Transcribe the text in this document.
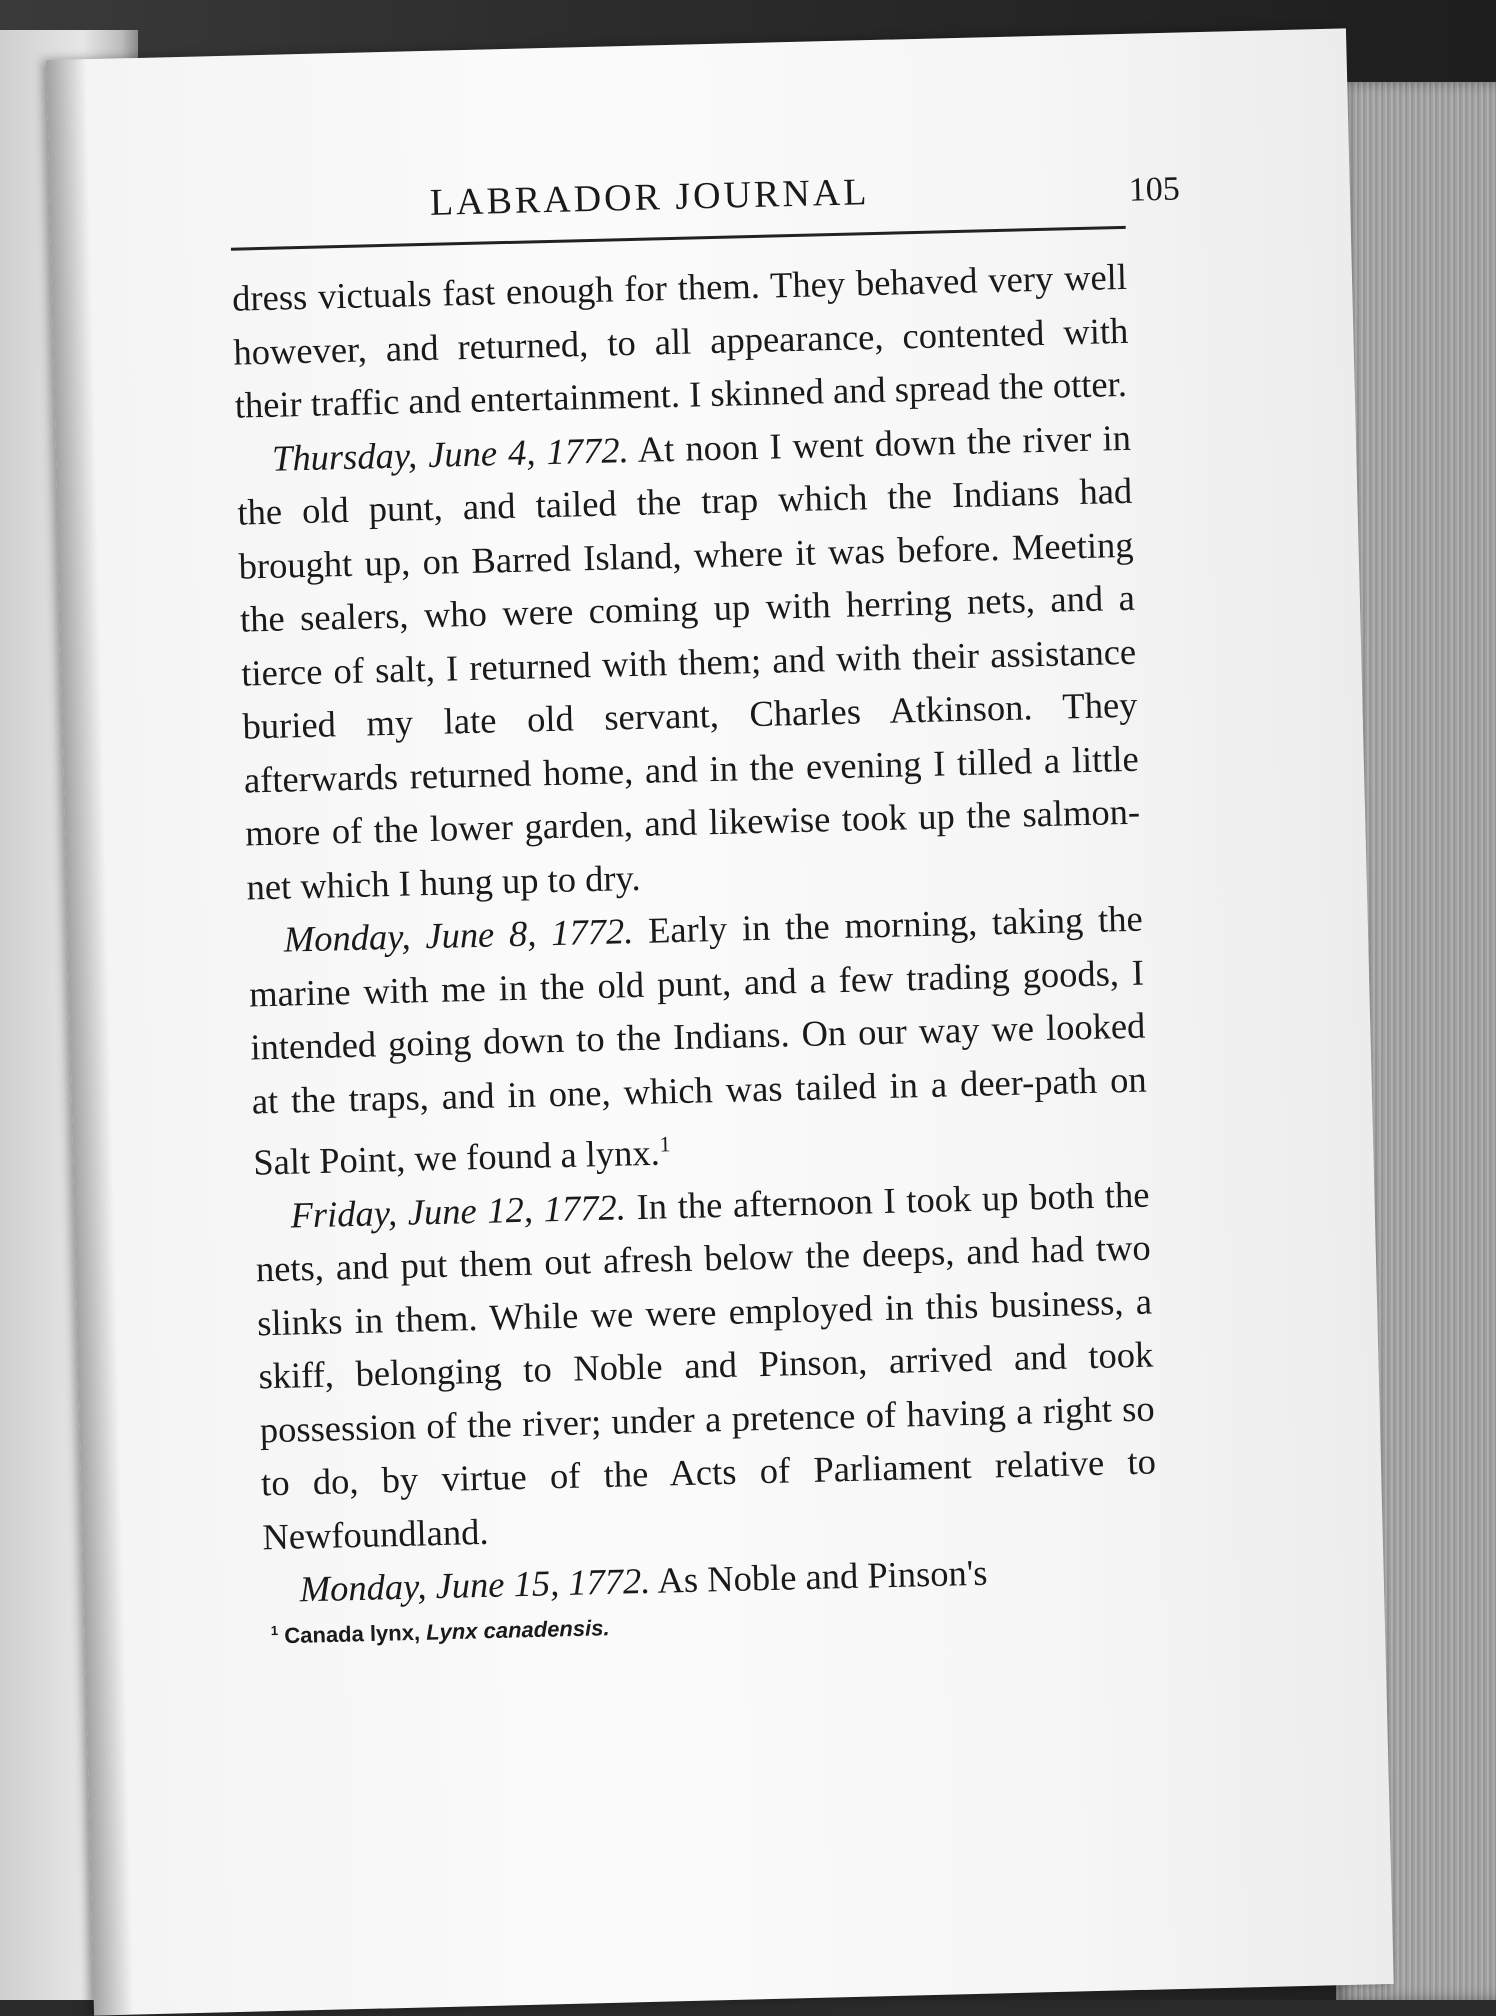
LABRADOR JOURNAL	105

dress victuals fast enough for them. They behaved very well however, and returned, to all appearance, contented with their traffic and entertainment. I skinned and spread the otter.

Thursday, June 4, 1772. At noon I went down the river in the old punt, and tailed the trap which the Indians had brought up, on Barred Island, where it was before. Meeting the sealers, who were coming up with herring nets, and a tierce of salt, I returned with them; and with their assistance buried my late old servant, Charles Atkinson. They afterwards returned home, and in the evening I tilled a little more of the lower garden, and likewise took up the salmon-net which I hung up to dry.

Monday, June 8, 1772. Early in the morning, taking the marine with me in the old punt, and a few trading goods, I intended going down to the Indians. On our way we looked at the traps, and in one, which was tailed in a deer-path on Salt Point, we found a lynx.$^1$

Friday, June 12, 1772. In the afternoon I took up both the nets, and put them out afresh below the deeps, and had two slinks in them. While we were employed in this business, a skiff, belonging to Noble and Pinson, arrived and took possession of the river; under a pretence of having a right so to do, by virtue of the Acts of Parliament relative to Newfoundland.

Monday, June 15, 1772. As Noble and Pinson's

$^1$ Canada lynx, Lynx canadensis.
